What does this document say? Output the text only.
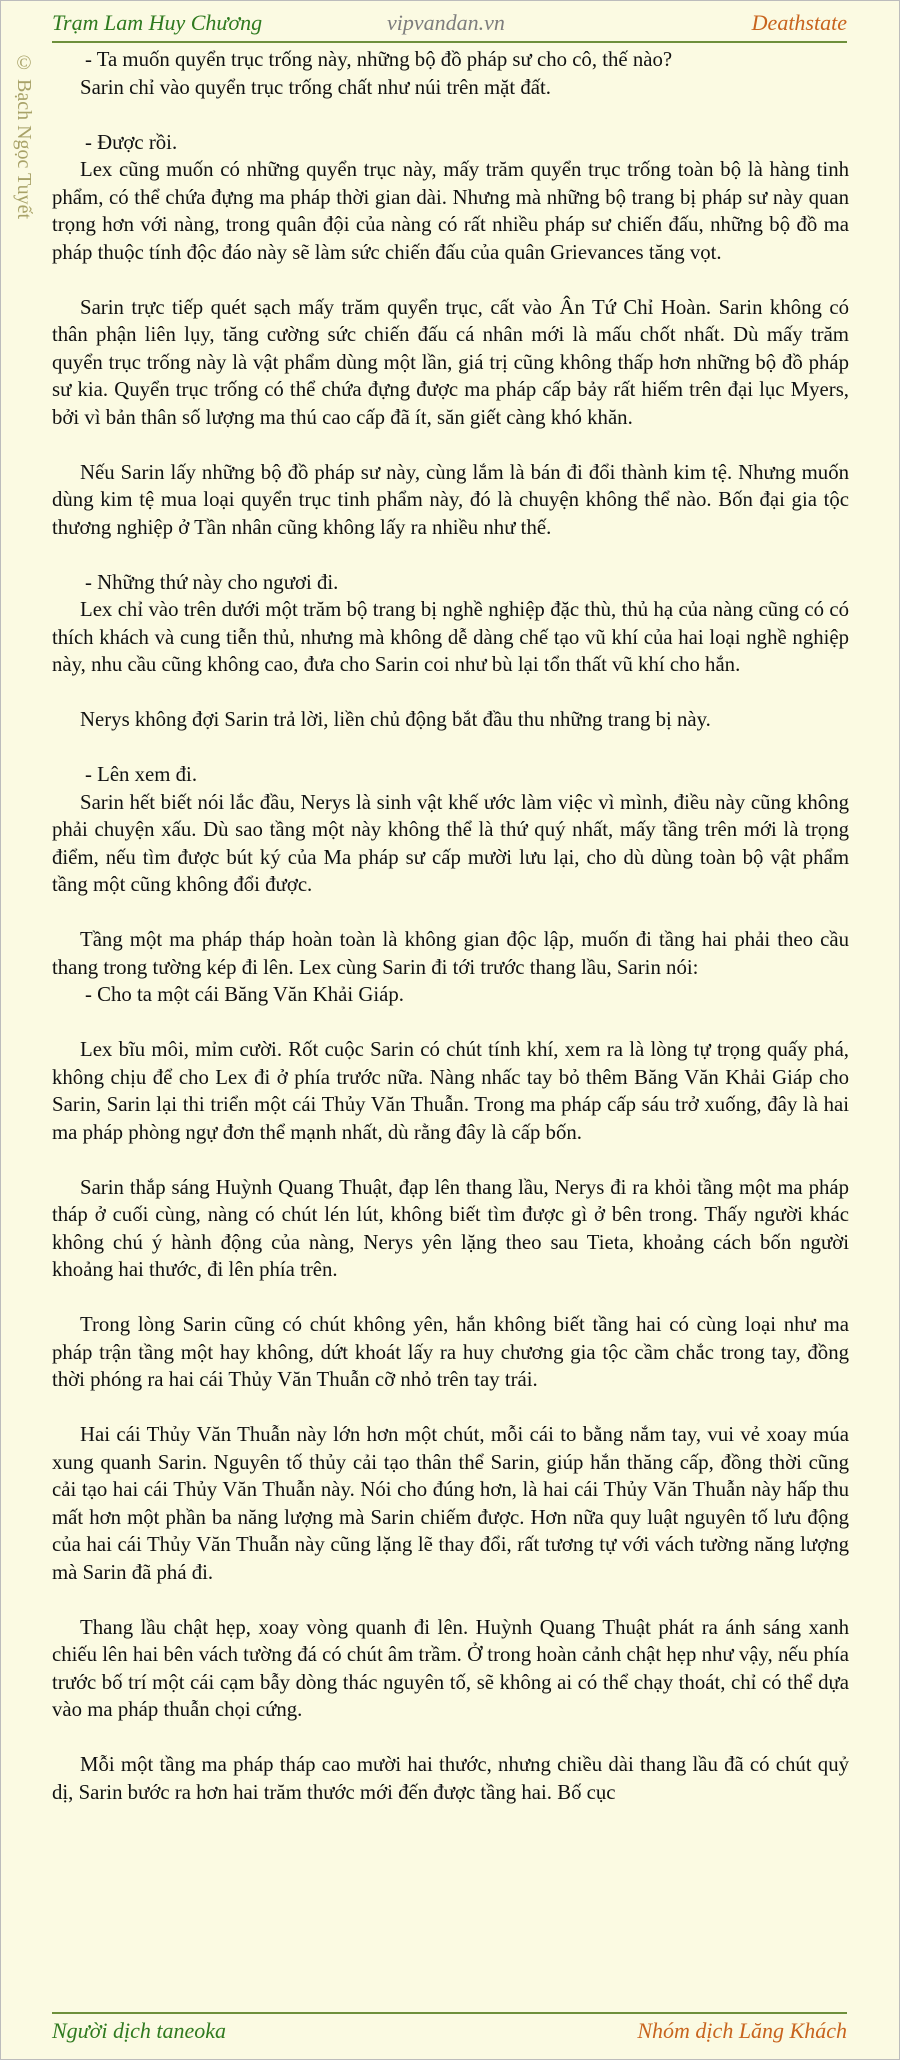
Trạm Lam Huy Chương	vipvandan.vn	Deathstate
© Bạch Ngọc Tuyết	- Ta muốn quyển trục trống này, những bộ đồ pháp sư cho cô, thế nào?

Sarin chỉ vào quyển trục trống chất như núi trên mặt đất.

- Được rồi.

Lex cũng muốn có những quyển trục này, mấy trăm quyển trục trống toàn bộ là hàng tinh phẩm, có thể chứa đựng ma pháp thời gian dài. Nhưng mà những bộ trang bị pháp sư này quan trọng hơn với nàng, trong quân đội của nàng có rất nhiều pháp sư chiến đấu, những bộ đồ ma pháp thuộc tính độc đáo này sẽ làm sức chiến đấu của quân Grievances tăng vọt.

Sarin trực tiếp quét sạch mấy trăm quyển trục, cất vào Ân Tứ Chỉ Hoàn. Sarin không có thân phận liên lụy, tăng cường sức chiến đấu cá nhân mới là mấu chốt nhất. Dù mấy trăm quyển trục trống này là vật phẩm dùng một lần, giá trị cũng không thấp hơn những bộ đồ pháp sư kia. Quyển trục trống có thể chứa đựng được ma pháp cấp bảy rất hiếm trên đại lục Myers, bởi vì bản thân số lượng ma thú cao cấp đã ít, săn giết càng khó khăn.

Nếu Sarin lấy những bộ đồ pháp sư này, cùng lắm là bán đi đổi thành kim tệ. Nhưng muốn dùng kim tệ mua loại quyển trục tinh phẩm này, đó là chuyện không thể nào. Bốn đại gia tộc thương nghiệp ở Tần nhân cũng không lấy ra nhiều như thế.

- Những thứ này cho ngươi đi.

Lex chỉ vào trên dưới một trăm bộ trang bị nghề nghiệp đặc thù, thủ hạ của nàng cũng có có thích khách và cung tiễn thủ, nhưng mà không dễ dàng chế tạo vũ khí của hai loại nghề nghiệp này, nhu cầu cũng không cao, đưa cho Sarin coi như bù lại tổn thất vũ khí cho hắn.

Nerys không đợi Sarin trả lời, liền chủ động bắt đầu thu những trang bị này.

- Lên xem đi.

Sarin hết biết nói lắc đầu, Nerys là sinh vật khế ước làm việc vì mình, điều này cũng không phải chuyện xấu. Dù sao tầng một này không thể là thứ quý nhất, mấy tầng trên mới là trọng điểm, nếu tìm được bút ký của Ma pháp sư cấp mười lưu lại, cho dù dùng toàn bộ vật phẩm tầng một cũng không đổi được.

Tầng một ma pháp tháp hoàn toàn là không gian độc lập, muốn đi tầng hai phải theo cầu thang trong tường kép đi lên. Lex cùng Sarin đi tới trước thang lầu, Sarin nói:

- Cho ta một cái Băng Văn Khải Giáp.

Lex bĩu môi, mỉm cười. Rốt cuộc Sarin có chút tính khí, xem ra là lòng tự trọng quấy phá, không chịu để cho Lex đi ở phía trước nữa. Nàng nhấc tay bỏ thêm Băng Văn Khải Giáp cho Sarin, Sarin lại thi triển một cái Thủy Văn Thuẫn. Trong ma pháp cấp sáu trở xuống, đây là hai ma pháp phòng ngự đơn thể mạnh nhất, dù rằng đây là cấp bốn.

Sarin thắp sáng Huỳnh Quang Thuật, đạp lên thang lầu, Nerys đi ra khỏi tầng một ma pháp tháp ở cuối cùng, nàng có chút lén lút, không biết tìm được gì ở bên trong. Thấy người khác không chú ý hành động của nàng, Nerys yên lặng theo sau Tieta, khoảng cách bốn người khoảng hai thước, đi lên phía trên.

Trong lòng Sarin cũng có chút không yên, hắn không biết tầng hai có cùng loại như ma pháp trận tầng một hay không, dứt khoát lấy ra huy chương gia tộc cầm chắc trong tay, đồng thời phóng ra hai cái Thủy Văn Thuẫn cỡ nhỏ trên tay trái.

Hai cái Thủy Văn Thuẫn này lớn hơn một chút, mỗi cái to bằng nắm tay, vui vẻ xoay múa xung quanh Sarin. Nguyên tố thủy cải tạo thân thể Sarin, giúp hắn thăng cấp, đồng thời cũng cải tạo hai cái Thủy Văn Thuẫn này. Nói cho đúng hơn, là hai cái Thủy Văn Thuẫn này hấp thu mất hơn một phần ba năng lượng mà Sarin chiếm được. Hơn nữa quy luật nguyên tố lưu động của hai cái Thủy Văn Thuẫn này cũng lặng lẽ thay đổi, rất tương tự với vách tường năng lượng mà Sarin đã phá đi.

Thang lầu chật hẹp, xoay vòng quanh đi lên. Huỳnh Quang Thuật phát ra ánh sáng xanh chiếu lên hai bên vách tường đá có chút âm trầm. Ở trong hoàn cảnh chật hẹp như vậy, nếu phía trước bố trí một cái cạm bẫy dòng thác nguyên tố, sẽ không ai có thể chạy thoát, chỉ có thể dựa vào ma pháp thuẫn chọi cứng.

Mỗi một tầng ma pháp tháp cao mười hai thước, nhưng chiều dài thang lầu đã có chút quỷ dị, Sarin bước ra hơn hai trăm thước mới đến được tầng hai. Bố cục

Người dịch taneoka	Nhóm dịch Lăng Khách
